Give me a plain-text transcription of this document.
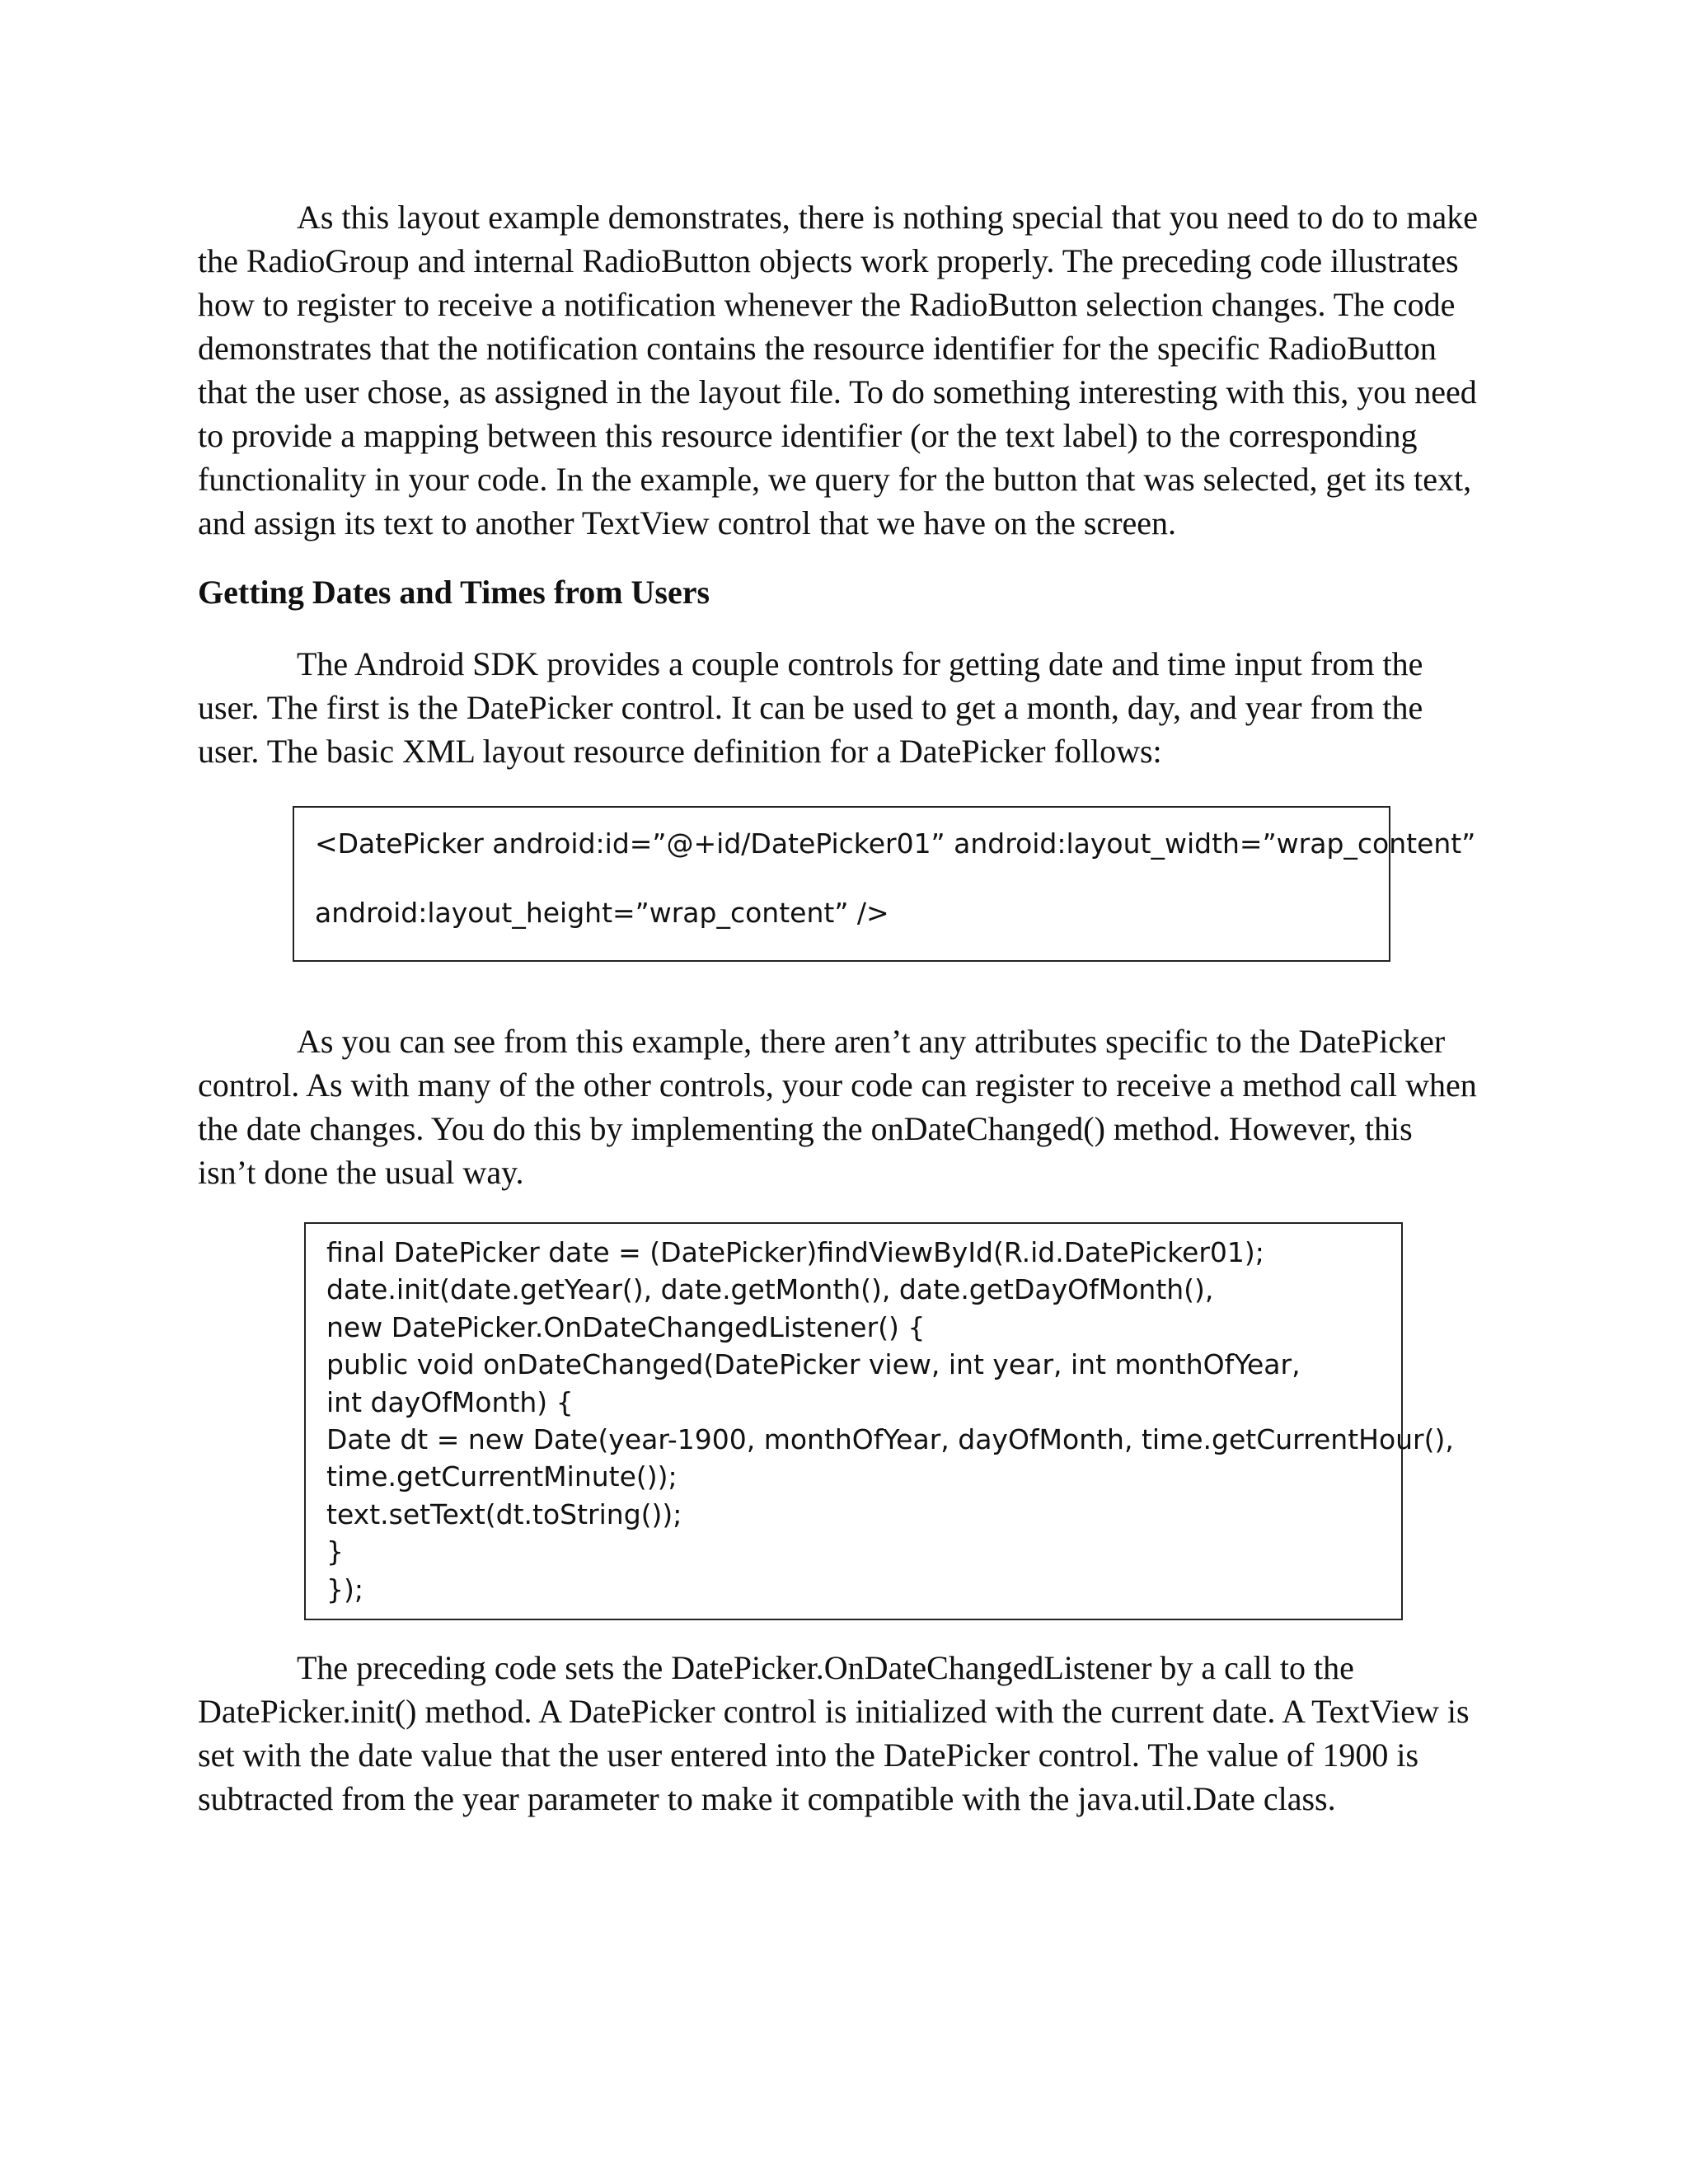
As this layout example demonstrates, there is nothing special that you need to do to make
the RadioGroup and internal RadioButton objects work properly. The preceding code illustrates
how to register to receive a notification whenever the RadioButton selection changes. The code
demonstrates that the notification contains the resource identifier for the specific RadioButton
that the user chose, as assigned in the layout file. To do something interesting with this, you need
to provide a mapping between this resource identifier (or the text label) to the corresponding
functionality in your code. In the example, we query for the button that was selected, get its text,
and assign its text to another TextView control that we have on the screen.
Getting Dates and Times from Users
The Android SDK provides a couple controls for getting date and time input from the
user. The first is the DatePicker control. It can be used to get a month, day, and year from the
user. The basic XML layout resource definition for a DatePicker follows:
<DatePicker android:id=”@+id/DatePicker01” android:layout_width=”wrap_content”
android:layout_height=”wrap_content” />
As you can see from this example, there aren’t any attributes specific to the DatePicker
control. As with many of the other controls, your code can register to receive a method call when
the date changes. You do this by implementing the onDateChanged() method. However, this
isn’t done the usual way.
final DatePicker date = (DatePicker)findViewById(R.id.DatePicker01);
date.init(date.getYear(), date.getMonth(), date.getDayOfMonth(),
new DatePicker.OnDateChangedListener() {
public void onDateChanged(DatePicker view, int year, int monthOfYear,
int dayOfMonth) {
Date dt = new Date(year-1900, monthOfYear, dayOfMonth, time.getCurrentHour(),
time.getCurrentMinute());
text.setText(dt.toString());
}
});
The preceding code sets the DatePicker.OnDateChangedListener by a call to the
DatePicker.init() method. A DatePicker control is initialized with the current date. A TextView is
set with the date value that the user entered into the DatePicker control. The value of 1900 is
subtracted from the year parameter to make it compatible with the java.util.Date class.
